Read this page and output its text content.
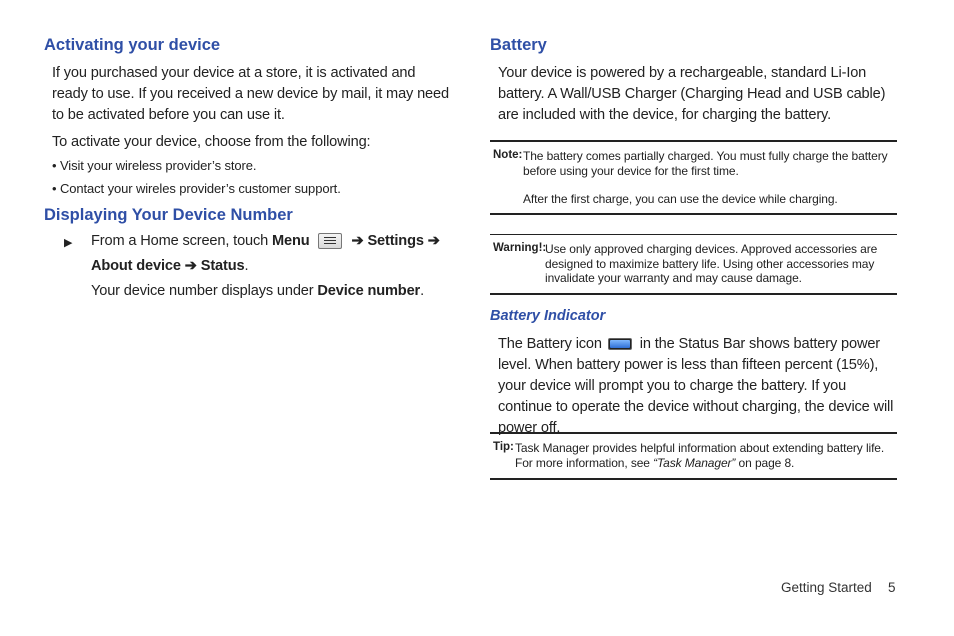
Activating your device
If you purchased your device at a store, it is activated and ready to use. If you received a new device by mail, it may need to be activated before you can use it.
To activate your device, choose from the following:
• Visit your wireless provider’s store.
• Contact your wireles provider’s customer support.
Displaying Your Device Number
▶ From a Home screen, touch Menu	➔ Settings ➔
About device ➔ Status.
Your device number displays under Device number.
Battery
Your device is powered by a rechargeable, standard Li-Ion battery. A Wall/USB Charger (Charging Head and USB cable) are included with the device, for charging the battery.
Note: The battery comes partially charged. You must fully charge the battery before using your device for the first time.
After the first charge, you can use the device while charging.
Warning!:
Use only approved charging devices. Approved accessories are designed to maximize battery life. Using other accessories may invalidate your warranty and may cause damage.
Battery Indicator
The Battery icon
in the Status Bar shows battery power level. When battery power is less than fifteen percent (15%), your device will prompt you to charge the battery. If you continue to operate the device without charging, the device will power off.
Tip: Task Manager provides helpful information about extending battery life. For more information, see “Task Manager” on page 8.
Getting Started 5
